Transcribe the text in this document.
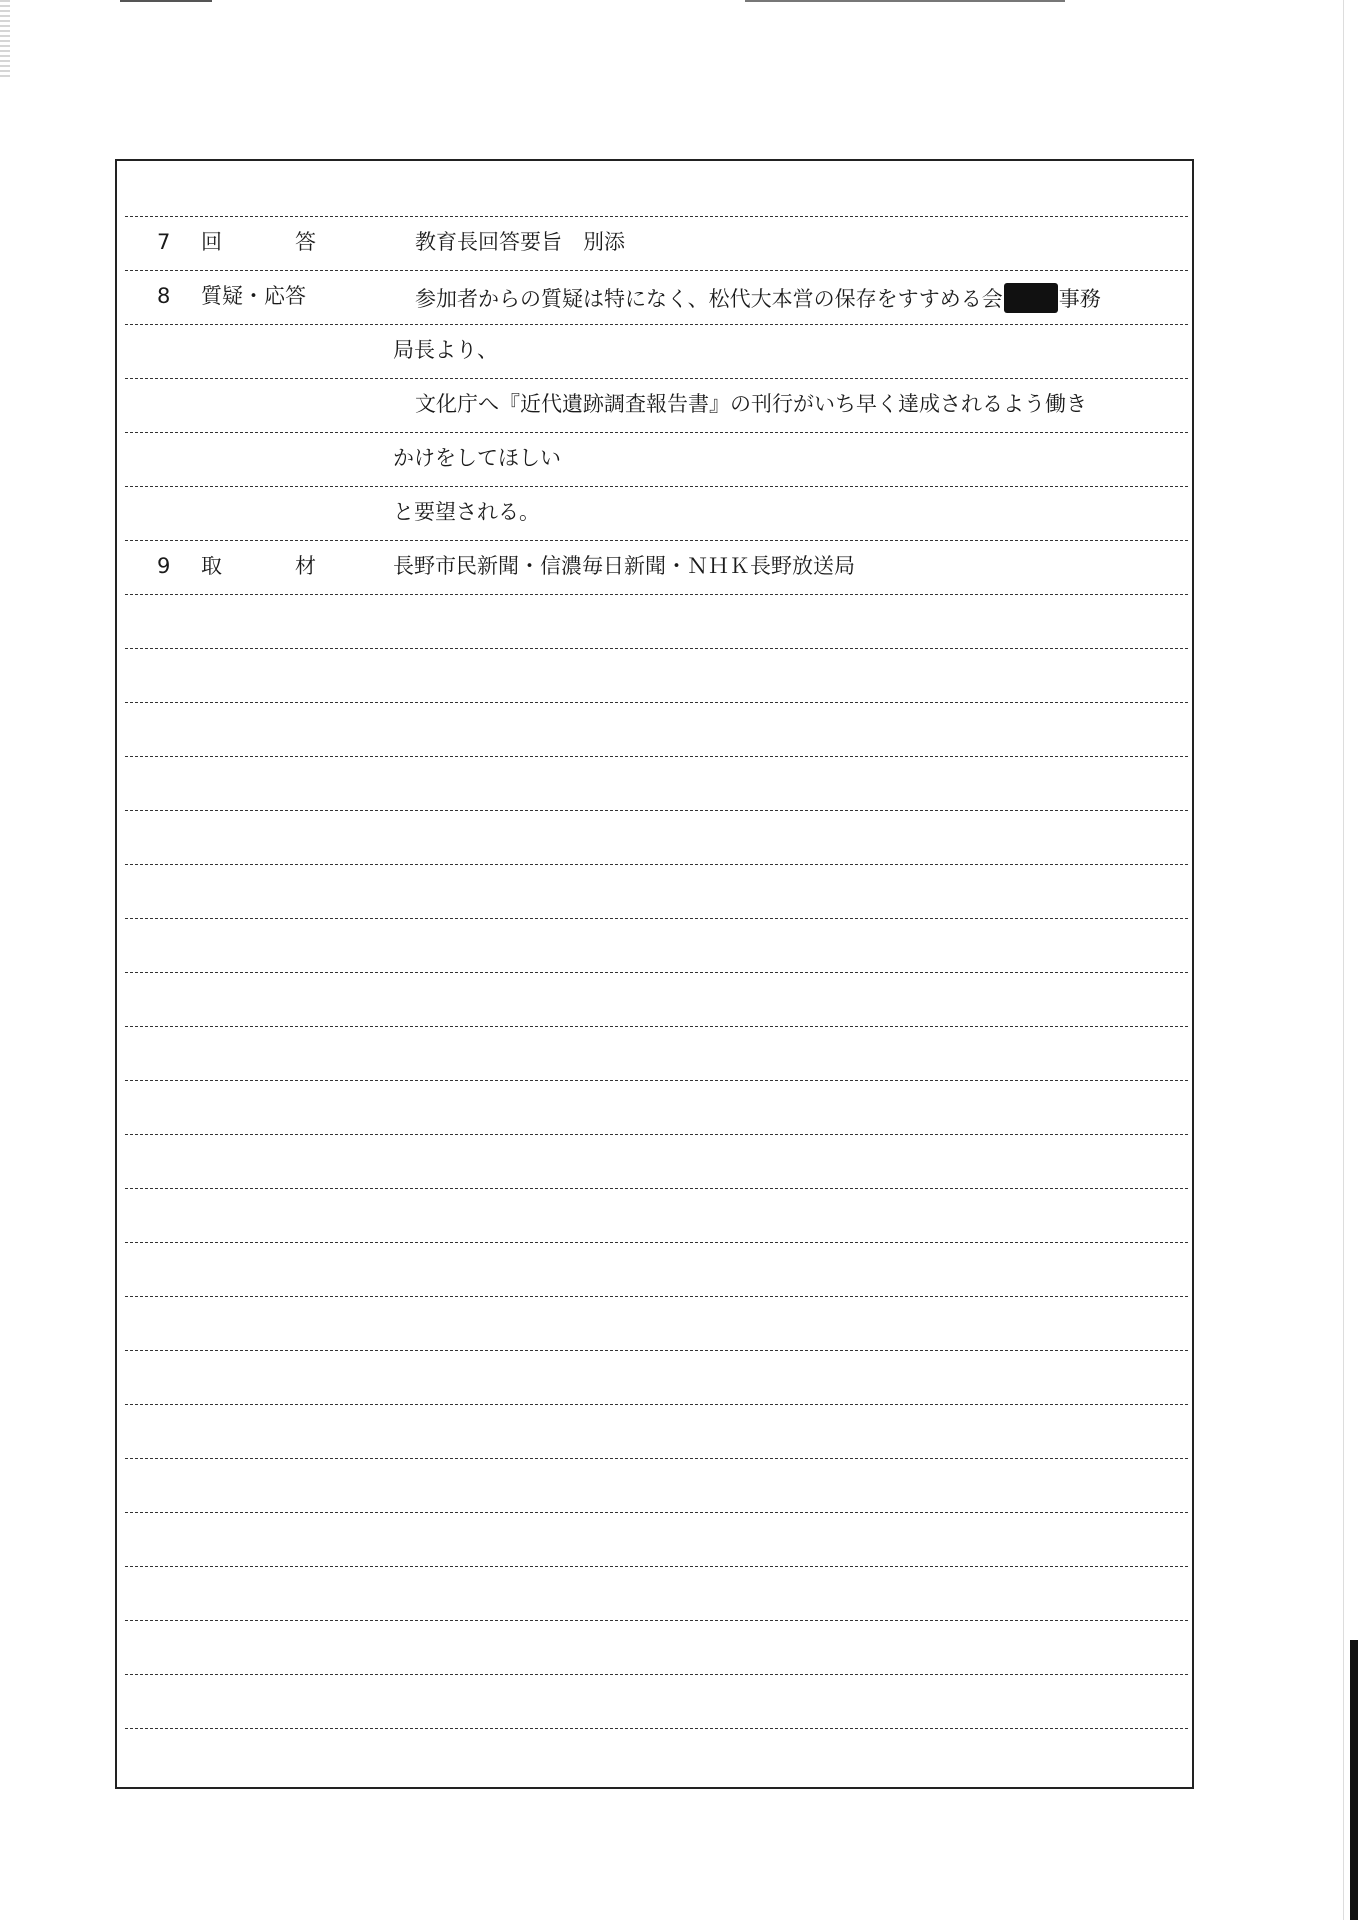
7 回	答	教育長回答要旨　別添
8 質疑・応答	参加者からの質疑は特になく、松代大本営の保存をすすめる会	事務
局長より、
文化庁へ『近代遺跡調査報告書』の刊行がいち早く達成されるよう働き
かけをしてほしい
と要望される。
9 取	材	長野市民新聞・信濃毎日新聞・ＮＨＫ長野放送局
